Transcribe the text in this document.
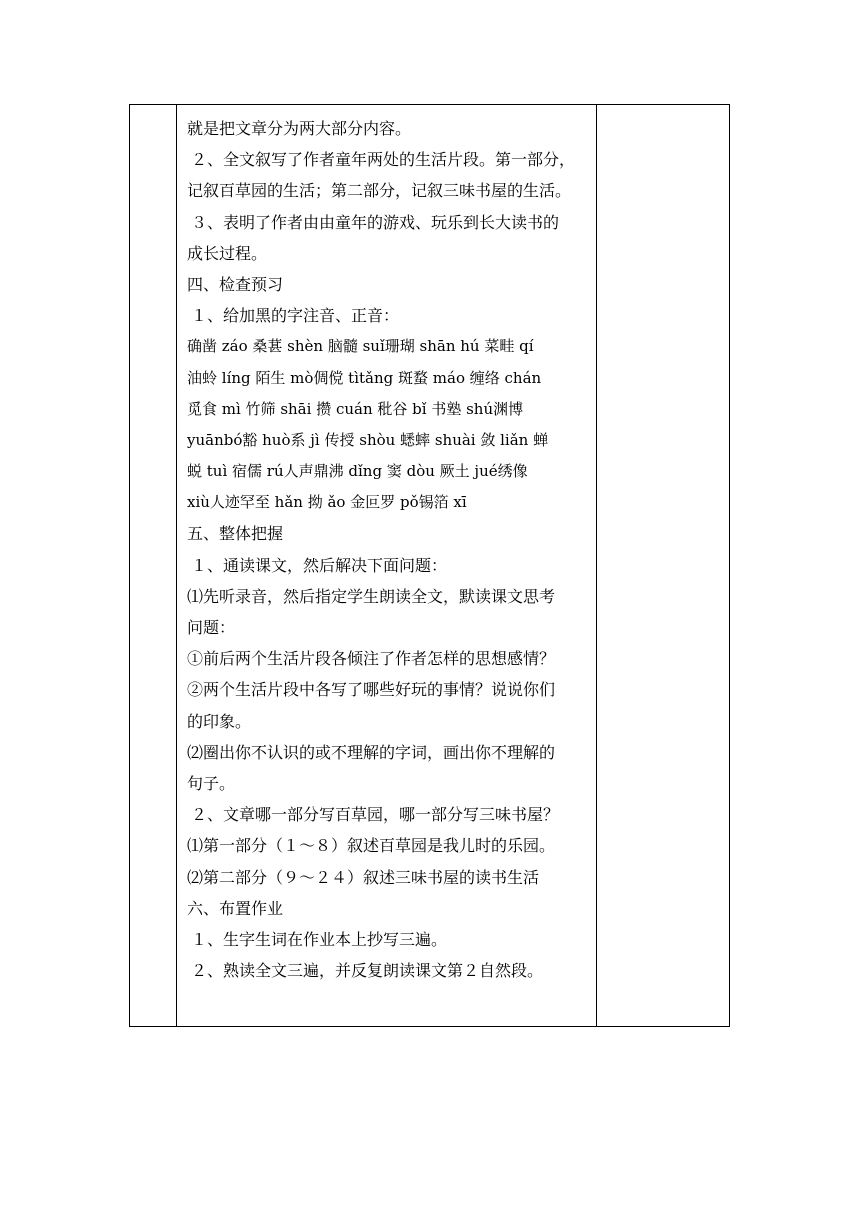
就是把文章分为两大部分内容。
２、全文叙写了作者童年两处的生活片段。第一部分，
记叙百草园的生活；第二部分，记叙三味书屋的生活。
３、表明了作者由由童年的游戏、玩乐到长大读书的
成长过程。
四、检查预习
１、给加黑的字注音、正音：
确凿 záo 桑葚 shèn 脑髓 suǐ珊瑚 shān hú 菜畦 qí
油蛉 líng 陌生 mò倜傥 tìtǎng 斑蝥 máo 缠络 chán
觅食 mì 竹筛 shāi 攒 cuán 秕谷 bǐ 书塾 shú渊博
yuānbó豁 huò系 jì 传授 shòu 蟋蟀 shuài 敛 liǎn 蝉
蜕 tuì 宿儒 rú人声鼎沸 dǐng 窦 dòu 厥土 jué绣像
xiù人迹罕至 hǎn 拗 ǎo 金叵罗 pǒ锡箔 xī
五、整体把握
１、通读课文，然后解决下面问题：
⑴先听录音，然后指定学生朗读全文，默读课文思考
问题：
①前后两个生活片段各倾注了作者怎样的思想感情？
②两个生活片段中各写了哪些好玩的事情？说说你们
的印象。
⑵圈出你不认识的或不理解的字词，画出你不理解的
句子。
２、文章哪一部分写百草园，哪一部分写三味书屋？
⑴第一部分（１～８）叙述百草园是我儿时的乐园。
⑵第二部分（９～２４）叙述三味书屋的读书生活
六、布置作业
１、生字生词在作业本上抄写三遍。
２、熟读全文三遍，并反复朗读课文第２自然段。
